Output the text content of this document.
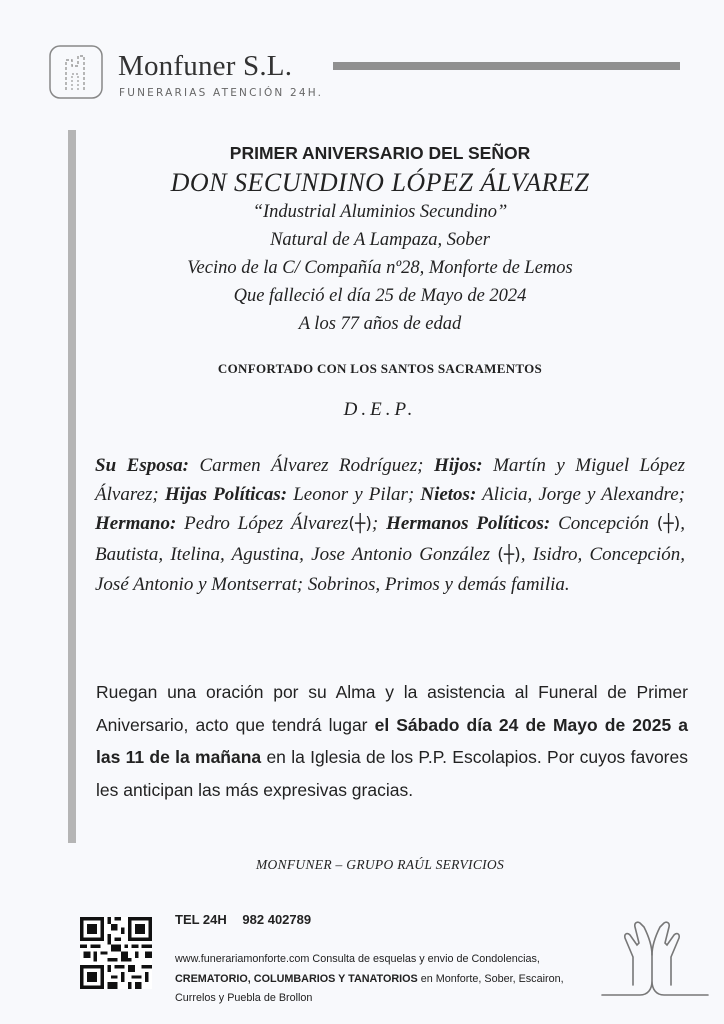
Monfuner S.L.
FUNERARIAS ATENCIÓN 24H.
PRIMER ANIVERSARIO DEL SEÑOR
DON SECUNDINO LÓPEZ ÁLVAREZ
“Industrial Aluminios Secundino”
Natural de A Lampaza, Sober
Vecino de la C/ Compañía nº28, Monforte de Lemos
Que falleció el día 25 de Mayo de 2024
A los 77 años de edad
CONFORTADO CON LOS SANTOS SACRAMENTOS
D.E.P.
Su Esposa: Carmen Álvarez Rodríguez; Hijos: Martín y Miguel López Álvarez; Hijas Políticas: Leonor y Pilar; Nietos: Alicia, Jorge y Alexandre; Hermano: Pedro López Álvarez(┼); Hermanos Políticos: Concepción (┼), Bautista, Itelina, Agustina, Jose Antonio González (┼), Isidro, Concepción, José Antonio y Montserrat; Sobrinos, Primos y demás familia.
Ruegan una oración por su Alma y la asistencia al Funeral de Primer Aniversario, acto que tendrá lugar el Sábado día 24 de Mayo de 2025 a las 11 de la mañana en la Iglesia de los P.P. Escolapios. Por cuyos favores les anticipan las más expresivas gracias.
MONFUNER – GRUPO RAÚL SERVICIOS
TEL 24H 982 402789
www.funerariamonforte.com Consulta de esquelas y envio de Condolencias, CREMATORIO, COLUMBARIOS Y TANATORIOS en Monforte, Sober, Escairon, Currelos y Puebla de Brollon
